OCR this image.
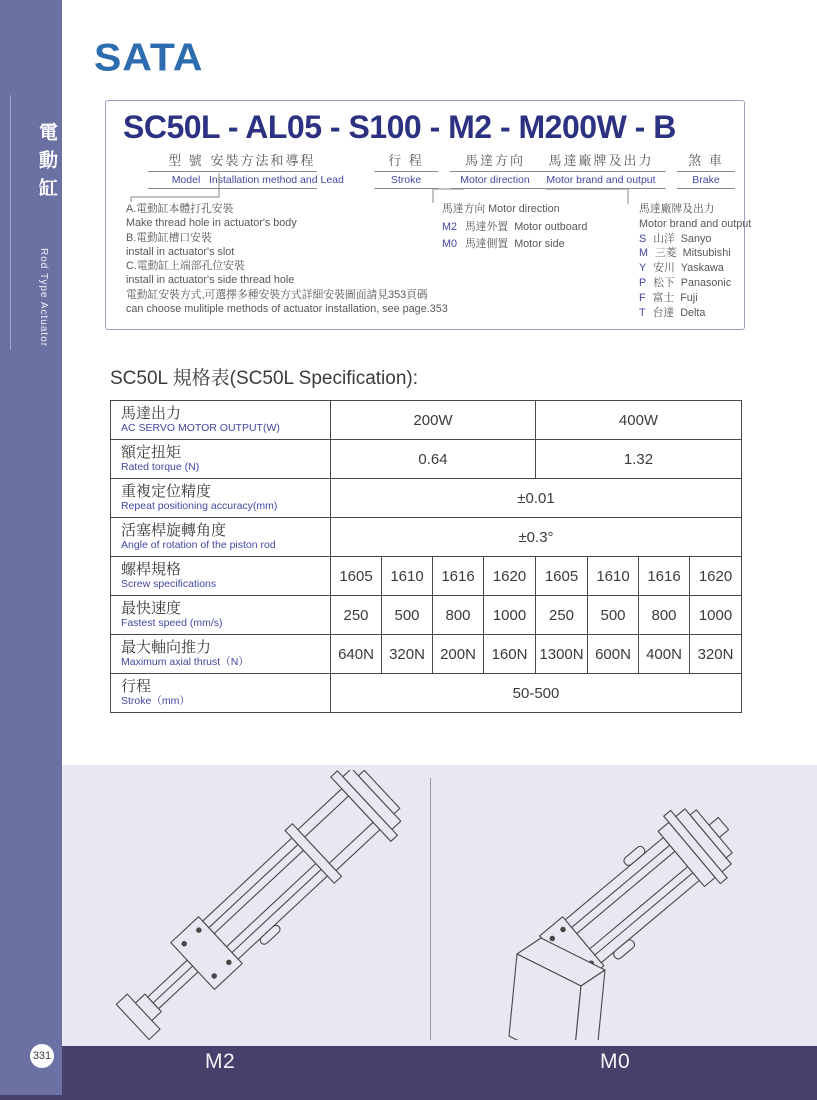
M2	M0
電動缸
Rod Type Actuator
331
SATA
SC50L - AL05 - S100 - M2 - M200W - B
型 號
Model
安裝方法和導程
Installation method and Lead
行 程
Stroke
馬達方向
Motor direction
馬達廠牌及出力
Motor brand and output
煞 車
Brake
A.電動缸本體打孔安裝
Make thread hole in actuator's body
B.電動缸槽口安裝
install in actuator's slot
C.電動缸上端部孔位安裝
install in actuator's side thread hole
電動缸安裝方式,可選擇多種安裝方式詳細安裝圖面請見353頁碼
can choose mulitiple methods of actuator installation, see page.353
馬達方向 Motor direction
M2 馬達外置 Motor outboard
M0 馬達側置 Motor side
馬達廠牌及出力
Motor brand and output
S 山洋 Sanyo
M 三菱 Mitsubishi
Y 安川 Yaskawa
P 松下 Panasonic
F 富士 Fuji
T 台達 Delta
SC50L 規格表(SC50L Specification):
馬達出力
AC SERVO MOTOR OUTPUT(W)	200W				400W			

額定扭矩
Rated torque (N)	0.64				1.32			

重複定位精度
Repeat positioning accuracy(mm)	±0.01							

活塞桿旋轉角度
Angle of rotation of the piston rod	±0.3°							

螺桿規格
Screw specifications	1605	1610	1616	1620	1605	1610	1616	1620

最快速度
Fastest speed (mm/s)	250	500	800	1000	250	500	800	1000

最大軸向推力
Maximum axial thrust（N）	640N	320N	200N	160N	1300N	600N	400N	320N

行程
Stroke（mm）	50-500							
